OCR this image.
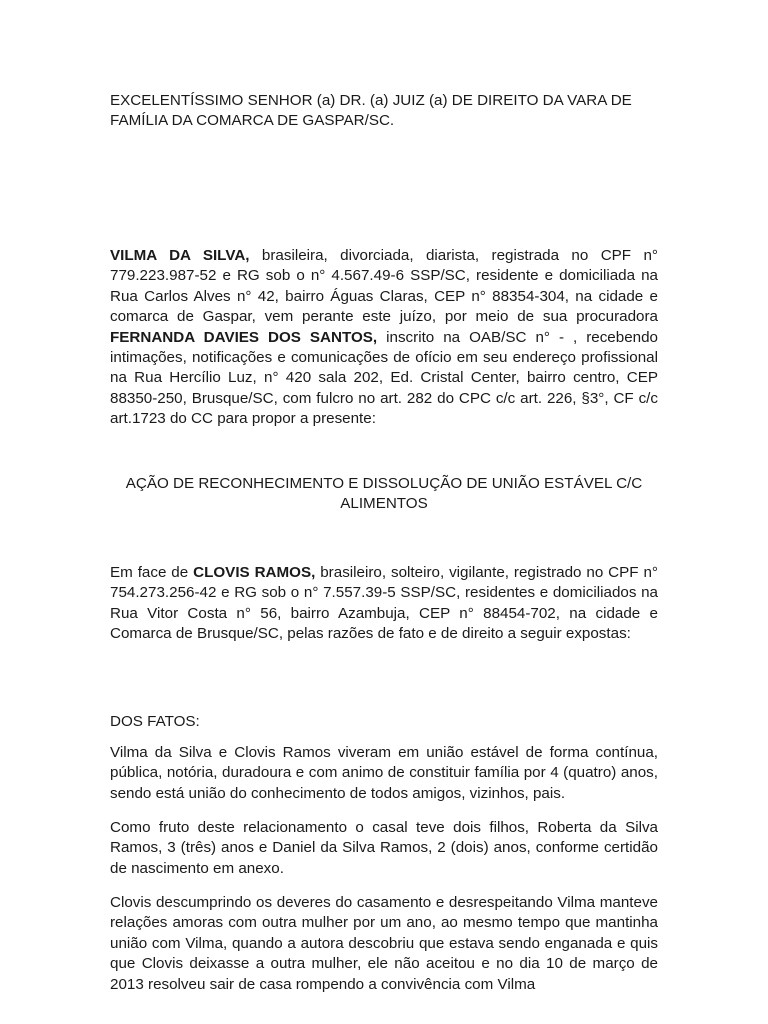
EXCELENTÍSSIMO SENHOR (a) DR. (a) JUIZ (a) DE DIREITO DA VARA DE FAMÍLIA DA COMARCA DE GASPAR/SC.

VILMA DA SILVA, brasileira, divorciada, diarista, registrada no CPF n° 779.223.987-52 e RG sob o n° 4.567.49-6 SSP/SC, residente e domiciliada na Rua Carlos Alves n° 42, bairro Águas Claras, CEP n° 88354-304, na cidade e comarca de Gaspar, vem perante este juízo, por meio de sua procuradora FERNANDA DAVIES DOS SANTOS, inscrito na OAB/SC n° - , recebendo intimações, notificações e comunicações de ofício em seu endereço profissional na Rua Hercílio Luz, n° 420 sala 202, Ed. Cristal Center, bairro centro, CEP 88350-250, Brusque/SC, com fulcro no art. 282 do CPC c/c art. 226, §3°, CF c/c art.1723 do CC para propor a presente:

AÇÃO DE RECONHECIMENTO E DISSOLUÇÃO DE UNIÃO ESTÁVEL C/C ALIMENTOS

Em face de CLOVIS RAMOS, brasileiro, solteiro, vigilante, registrado no CPF n° 754.273.256-42 e RG sob o n° 7.557.39-5 SSP/SC, residentes e domiciliados na Rua Vitor Costa n° 56, bairro Azambuja, CEP n° 88454-702, na cidade e Comarca de Brusque/SC, pelas razões de fato e de direito a seguir expostas:

DOS FATOS:

Vilma da Silva e Clovis Ramos viveram em união estável de forma contínua, pública, notória, duradoura e com animo de constituir família por 4 (quatro) anos, sendo está união do conhecimento de todos amigos, vizinhos, pais.

Como fruto deste relacionamento o casal teve dois filhos, Roberta da Silva Ramos, 3 (três) anos e Daniel da Silva Ramos, 2 (dois) anos, conforme certidão de nascimento em anexo.

Clovis descumprindo os deveres do casamento e desrespeitando Vilma manteve relações amoras com outra mulher por um ano, ao mesmo tempo que mantinha união com Vilma, quando a autora descobriu que estava sendo enganada e quis que Clovis deixasse a outra mulher, ele não aceitou e no dia 10 de março de 2013 resolveu sair de casa rompendo a convivência com Vilma
